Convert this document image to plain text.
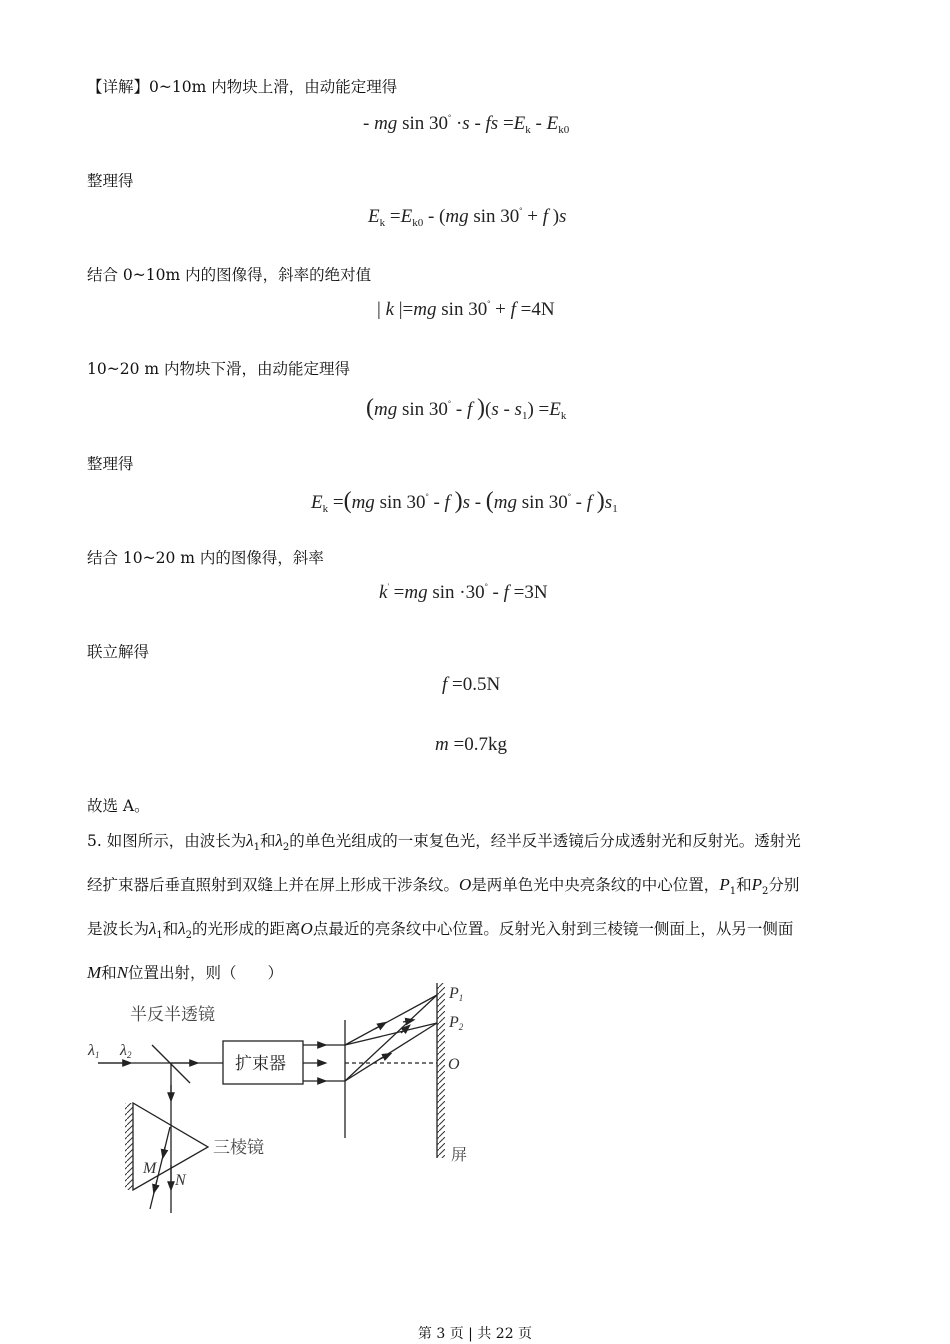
【详解】0~10m 内物块上滑，由动能定理得
- mg sin 30° ·s - fs $=E_k - E_{k0}$
整理得
$E_k =E_{k0} - (mg$ sin 30° + f )s
结合 0~10m 内的图像得，斜率的绝对值
| k |=mg sin 30° + f =4N
10~20 m 内物块下滑，由动能定理得
(mg sin 30° - f )$(s - s_1) =E_k$
整理得
$E_k =(mg$ sin 30° - f )s - (mg sin 30° - f )$s_1$
结合 10~20 m 内的图像得，斜率
k' =mg sin ·30° - f =3N
联立解得
f =0.5N
m =0.7kg
故选 A。
5. 如图所示，由波长为$\lambda_1$和$\lambda_2$的单色光组成的一束复色光，经半反半透镜后分成透射光和反射光。透射光
经扩束器后垂直照射到双缝上并在屏上形成干涉条纹。O是两单色光中央亮条纹的中心位置，$P_1$和$P_2$分别
是波长为$\lambda_1$和$\lambda_2$的光形成的距离O点最近的亮条纹中心位置。反射光入射到三棱镜一侧面上，从另一侧面
M和N位置出射，则（　　）
半反半透镜
扩束器
三棱镜	屏
λ1 λ2
P1
P2
O
M
N
第 3 页 | 共 22 页
